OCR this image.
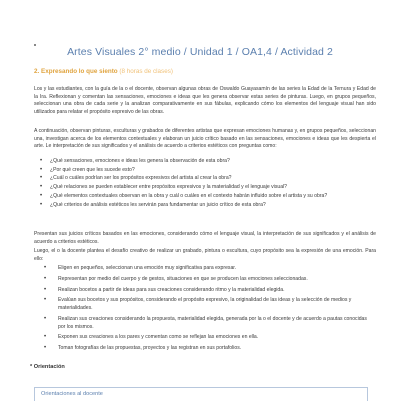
Artes Visuales 2° medio / Unidad 1 / OA1,4 / Actividad 2
2. Expresando lo que siento (8 horas de clases)
Los y las estudiantes, con la guía de la o el docente, observan algunas obras de Oswaldo Guayasamín de las series la Edad de la Ternura y Edad de la Ira. Reflexionan y comentan las sensaciones, emociones e ideas que les genera observar estas series de pinturas. Luego, en grupos pequeños, seleccionan una obra de cada serie y la analizan comparativamente en sus fábulas, explicando cómo los elementos del lenguaje visual han sido utilizados para relatar el propósito expresivo de las obras.
A continuación, observan pinturas, esculturas y grabados de diferentes artistas que expresan emociones humanas y, en grupos pequeños, seleccionan una, investigan acerca de los elementos contextuales y elaboran un juicio crítico basado en las sensaciones, emociones e ideas que les despierta el arte. Le interpretación de sus significados y el análisis de acuerdo a criterios estéticos con preguntas como:
• ¿Qué sensaciones, emociones e ideas les genera la observación de esta obra?
• ¿Por qué creen que les sucede esto?
• ¿Cuál o cuáles podrían ser los propósitos expresivos del artista al crear la obra?
• ¿Qué relaciones se pueden establecer entre propósitos expresivos y la materialidad y el lenguaje visual?
• ¿Qué elementos contextuales observan en la obra y cuál o cuáles en el contexto habrán influido sobre el artista y su obra?
• ¿Qué criterios de análisis estéticos les servirán para fundamentar un juicio crítico de esta obra?
Presentan sus juicios críticos basados en las emociones, considerando cómo el lenguaje visual, la interpretación de sus significados y el análisis de acuerdo a criterios estéticos.
Luego, el o la docente plantea el desafío creativo de realizar un grabado, pintura o escultura, cuyo propósito sea la expresión de una emoción. Para ello:
• Eligen en pequeños, seleccionan una emoción muy significativa para expresar.
• Representan por medio del cuerpo y de gestos, situaciones en que se producen las emociones seleccionadas.
• Realizan bocetos a partir de ideas para sus creaciones considerando ritmo y la materialidad elegida.
• Evalúan sus bocetos y sus propósitos, considerando el propósito expresivo, la originalidad de las ideas y la selección de medios y materialidades.
• Realizan sus creaciones considerando la propuesta, materialidad elegida, generada por la o el docente y de acuerdo a pautas conocidas por los mismos.
• Exponen sus creaciones a los pares y comentan como se reflejan las emociones en ella.
• Toman fotografías de las propuestas, proyectos y las registran en sus portafolios.
* Orientación
Orientaciones al docente
